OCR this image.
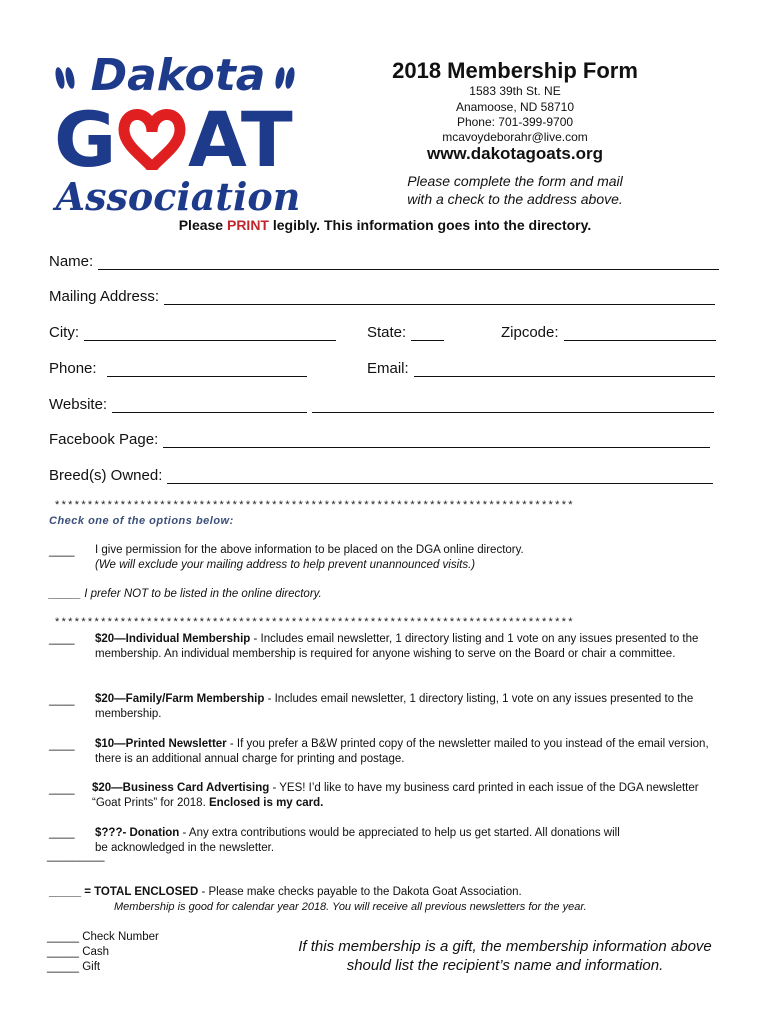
Dakota
G AT
Association
2018 Membership Form
1583 39th St. NE
Anamoose, ND 58710
Phone: 701-399-9700
mcavoydeborahr@live.com
www.dakotagoats.org
Please complete the form and mail
with a check to the address above.
Please PRINT legibly. This information goes into the directory.
Name:
Mailing Address:
City:	State:	Zipcode:
Phone:	Email:
Website:
Facebook Page:
Breed(s) Owned:
*******************************************************************************
Check one of the options below:
____ I give permission for the above information to be placed on the DGA online directory.
(We will exclude your mailing address to help prevent unannounced visits.)
_____ I prefer NOT to be listed in the online directory.
*******************************************************************************
____ $20—Individual Membership - Includes email newsletter, 1 directory listing and 1 vote on any issues presented to the membership. An individual membership is required for anyone wishing to serve on the Board or chair a committee.
____ $20—Family/Farm Membership - Includes email newsletter, 1 directory listing, 1 vote on any issues presented to the membership.
____ $10—Printed Newsletter - If you prefer a B&W printed copy of the newsletter mailed to you instead of the email version, there is an additional annual charge for printing and postage.
____ $20—Business Card Advertising - YES! I’d like to have my business card printed in each issue of the DGA newsletter “Goat Prints” for 2018. Enclosed is my card.
____ $???- Donation - Any extra contributions would be appreciated to help us get started. All donations will be acknowledged in the newsletter.
_________
_____ = TOTAL ENCLOSED - Please make checks payable to the Dakota Goat Association.
Membership is good for calendar year 2018. You will receive all previous newsletters for the year.
_____ Check Number
_____ Cash
_____ Gift
If this membership is a gift, the membership information above
should list the recipient’s name and information.
